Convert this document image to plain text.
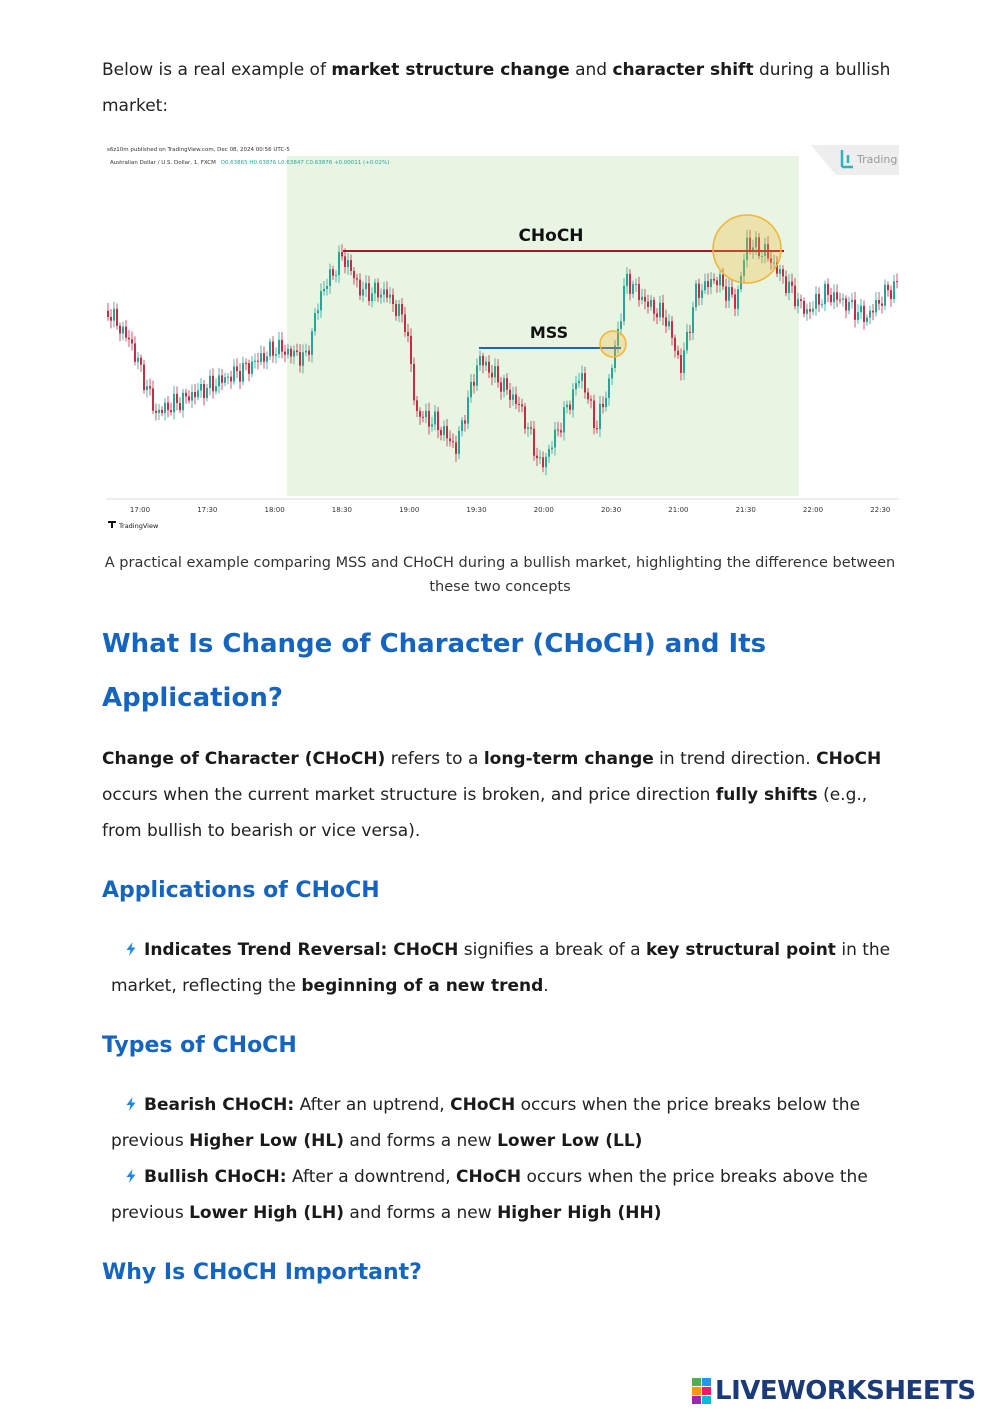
Below is a real example of market structure change and character shift during a bullish market:
Trading
s6z10m published on TradingView.com, Dec 08, 2024 00:56 UTC-5
Australian Dollar / U.S. Dollar, 1, FXCM O0.63865 H0.63876 L0.63847 C0.63876 +0.00011 (+0.02%)
CHoCH
MSS
17:00	17:30	18:00	18:30	19:00	19:30	20:00	20:30	21:00	21:30	22:00	22:30
TradingView
A practical example comparing MSS and CHoCH during a bullish market, highlighting the difference between these two concepts
What Is Change of Character (CHoCH) and Its Application?
Change of Character (CHoCH) refers to a long-term change in trend direction. CHoCH occurs when the current market structure is broken, and price direction fully shifts (e.g., from bullish to bearish or vice versa).
Applications of CHoCH
Indicates Trend Reversal: CHoCH signifies a break of a key structural point in the market, reflecting the beginning of a new trend.
Types of CHoCH
Bearish CHoCH: After an uptrend, CHoCH occurs when the price breaks below the previous Higher Low (HL) and forms a new Lower Low (LL)
Bullish CHoCH: After a downtrend, CHoCH occurs when the price breaks above the previous Lower High (LH) and forms a new Higher High (HH)
Why Is CHoCH Important?
LIVEWORKSHEETS
